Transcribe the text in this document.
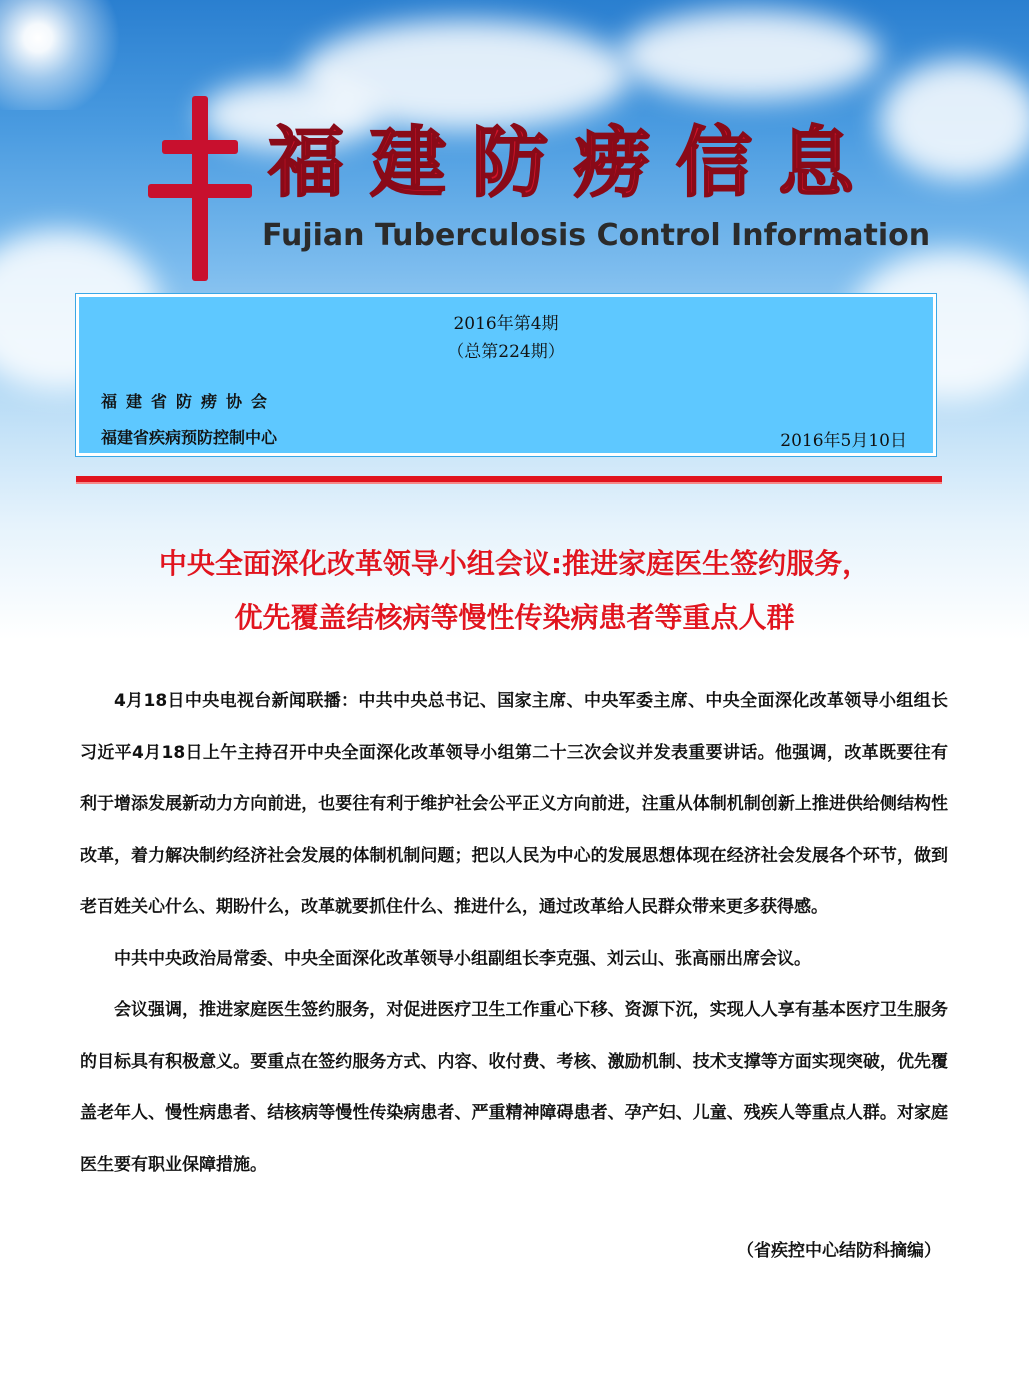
福建防痨信息
Fujian Tuberculosis Control Information
2016年第4期
（总第224期）
福建省防痨协会
福建省疾病预防控制中心	2016年5月10日
中央全面深化改革领导小组会议:推进家庭医生签约服务，
优先覆盖结核病等慢性传染病患者等重点人群

4月18日中央电视台新闻联播：中共中央总书记、国家主席、中央军委主席、中央全面深化改革领导小组组长习近平4月18日上午主持召开中央全面深化改革领导小组第二十三次会议并发表重要讲话。他强调，改革既要往有利于增添发展新动力方向前进，也要往有利于维护社会公平正义方向前进，注重从体制机制创新上推进供给侧结构性改革，着力解决制约经济社会发展的体制机制问题；把以人民为中心的发展思想体现在经济社会发展各个环节，做到老百姓关心什么、期盼什么，改革就要抓住什么、推进什么，通过改革给人民群众带来更多获得感。

中共中央政治局常委、中央全面深化改革领导小组副组长李克强、刘云山、张高丽出席会议。

会议强调，推进家庭医生签约服务，对促进医疗卫生工作重心下移、资源下沉，实现人人享有基本医疗卫生服务的目标具有积极意义。要重点在签约服务方式、内容、收付费、考核、激励机制、技术支撑等方面实现突破，优先覆盖老年人、慢性病患者、结核病等慢性传染病患者、严重精神障碍患者、孕产妇、儿童、残疾人等重点人群。对家庭医生要有职业保障措施。

（省疾控中心结防科摘编）
